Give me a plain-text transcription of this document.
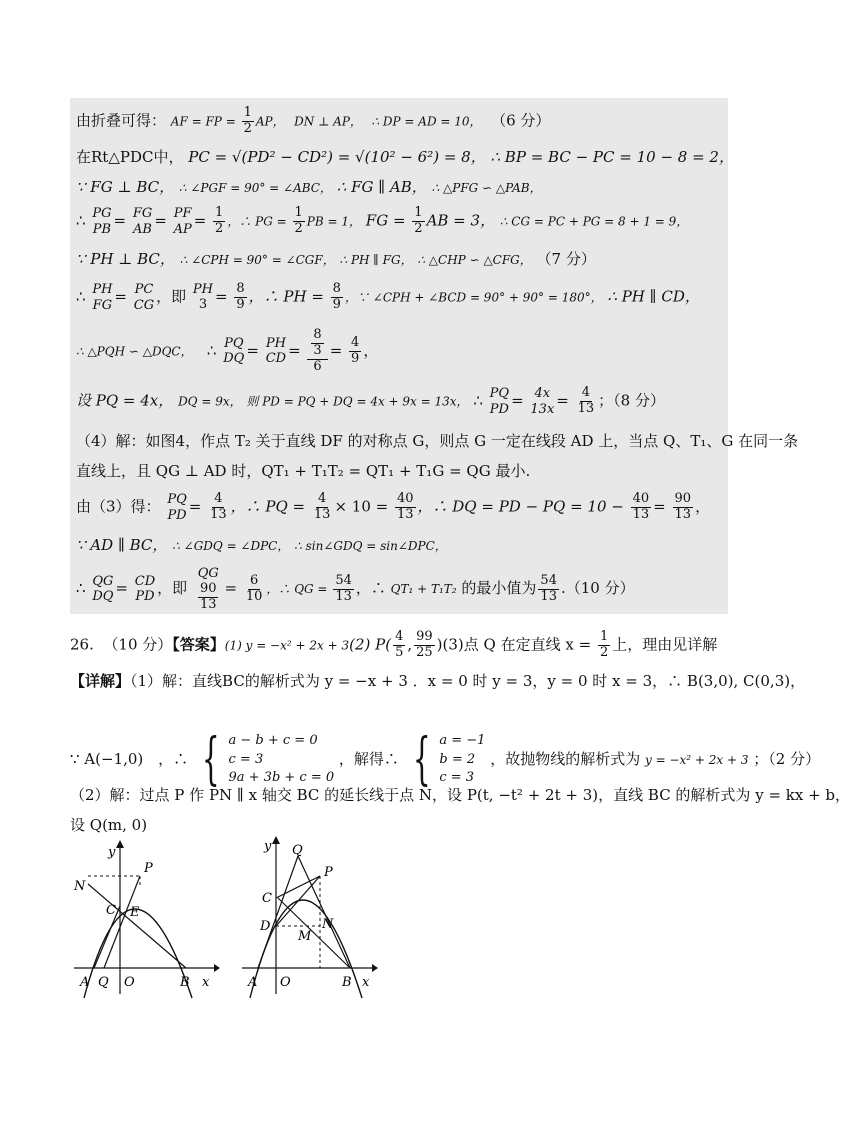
由折叠可得： AF = FP = $\frac{1}{2}$ AP， DN ⊥ AP， ∴ DP = AD = 10， （6 分）
在Rt△PDC中， PC = √(PD² − CD²) = √(10² − 6²) = 8， ∴ BP = BC − PC = 10 − 8 = 2，
∵ FG ⊥ BC， ∴ ∠PGF = 90° = ∠ABC， ∴ FG ∥ AB， ∴ △PFG ∽ △PAB，
∴ PG
PB = FG
AB = PF
AP = $\frac{1}{2}$ ，∴ PG = $\frac{1}{2}$ PB = 1， FG = $\frac{1}{2}$ AB = 3， ∴ CG = PC + PG = 8 + 1 = 9，
∵ PH ⊥ BC， ∴ ∠CPH = 90° = ∠CGF， ∴ PH ∥ FG， ∴ △CHP ∽ △CFG， （7 分）
∴ PH
FG = PC
CG ，即 PH
$3 = \frac{8}{9}$ ，∴ PH = $\frac{8}{9}$ ，∵ ∠CPH + ∠BCD = 90° + 90° = 180°， ∴ PH ∥ CD，
∴ △PQH ∽ △DQC， ∴ PQ
DQ = PH
CD = $\frac{\frac{8}{3}}{6} = \frac{4}{9}$ ，
设 PQ = 4x， DQ = 9x， 则 PD = PQ + DQ = 4x + 9x = 13x， ∴ PQ
PD = 4x
$13x = \frac{4}{13}$ ；（8 分）
（4）解：如图4，作点 T₂ 关于直线 DF 的对称点 G，则点 G 一定在线段 AD 上，当点 Q、T₁、G 在同一条
直线上，且 QG ⊥ AD 时，QT₁ + T₁T₂ = QT₁ + T₁G = QG 最小.
由（3）得： PQ
PD = $\frac{4}{13}$ ，∴ PQ = $\frac{4}{13} \times 10 = \frac{40}{13}$ ，∴ DQ = PD − PQ = $10 - \frac{40}{13} = \frac{90}{13}$ ，
∵ AD ∥ BC， ∴ ∠GDQ = ∠DPC， ∴ sin∠GDQ = sin∠DPC，
∴ QG
DQ = CD
PD ，即
QG
$\frac{90}{13} = \frac{6}{10}$ ，∴ QG = $\frac{54}{13}$ ，∴ QT₁ + T₁T₂ 的最小值为 $\frac{54}{13} .(10$ 分）
26. （10 分）【答案】(1) y = −x² + 2x + 3(2) $P( \frac{4}{5}$ , $\frac{99}{25} )(3)$点 Q 在定直线 $x = \frac{1}{2}$ 上，理由见详解
【详解】（1）解：直线BC的解析式为 y = −x + 3 ．x = 0 时 y = 3，y = 0 时 x = 3，∴ B(3,0), C(0,3)，
∵ A(−1,0) ，∴ { a − b + c = 0
c = 3
9a + 3b + c = 0
，解得∴ { a = −1
b = 2
c = 3
，故抛物线的解析式为 y = −x² + 2x + 3 ；（2 分）
（2）解：过点 P 作 PN ∥ x 轴交 BC 的延长线于点 N，设 P(t, −t² + 2t + 3)，直线 BC 的解析式为 y = kx + b，
设 Q(m, 0)
y
N
P
C E
A Q O	B x
y Q
P
C
D	N
M
A O	B x
